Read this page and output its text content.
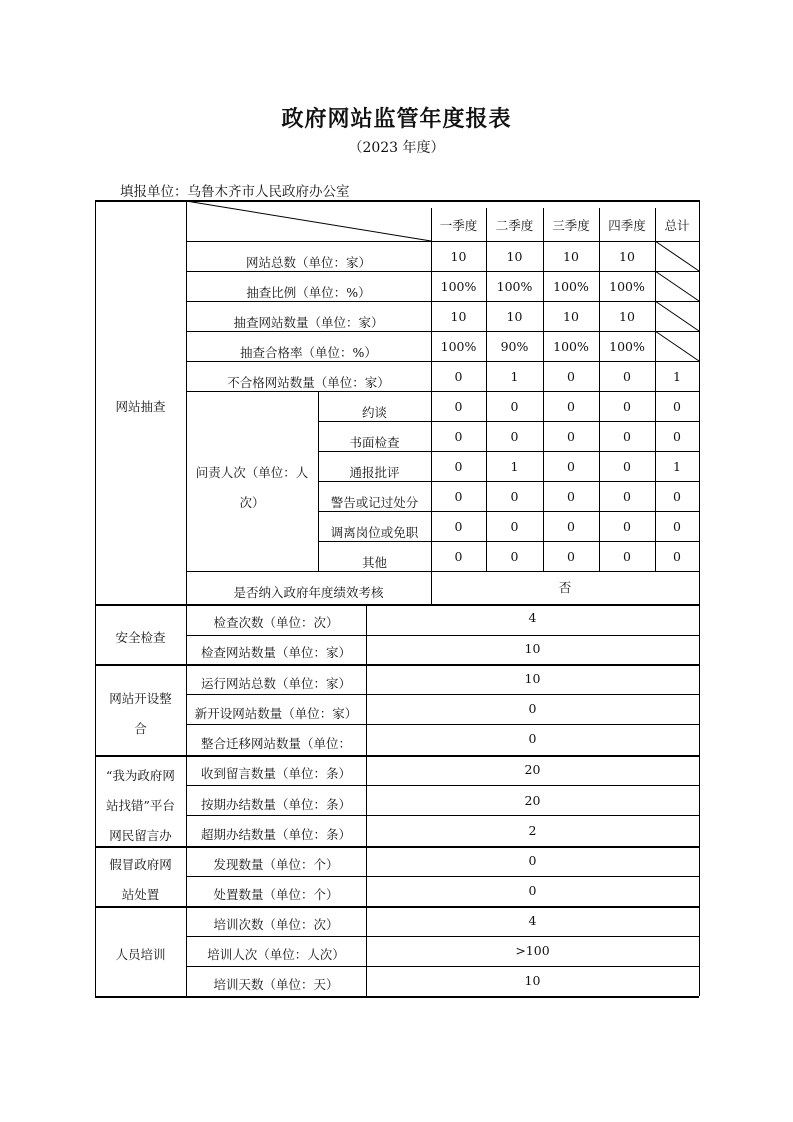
政府网站监管年度报表
（2023 年度）
填报单位：乌鲁木齐市人民政府办公室
一季度	二季度	三季度	四季度	总计
网站抽查
网站总数（单位：家）	10	10	10	10
抽查比例（单位：%）	100%	100%	100%	100%
抽查网站数量（单位：家）	10	10	10	10
抽查合格率（单位：%）	100%	90%	100%	100%
不合格网站数量（单位：家）	0	1	0	0	1
问责人次（单位：人
次）
约谈	0	0	0	0	0
书面检查	0	0	0	0	0
通报批评	0	1	0	0	1
警告或记过处分	0	0	0	0	0
调离岗位或免职	0	0	0	0	0
其他	0	0	0	0	0
是否纳入政府年度绩效考核	否
安全检查
检查次数（单位：次）	4
检查网站数量（单位：家）	10
网站开设整
合
运行网站总数（单位：家）	10
新开设网站数量（单位：家）	0
整合迁移网站数量（单位：	0
“我为政府网
站找错”平台
网民留言办
收到留言数量（单位：条）	20
按期办结数量（单位：条）	20
超期办结数量（单位：条）	2
假冒政府网
站处置
发现数量（单位：个）	0
处置数量（单位：个）	0
人员培训
培训次数（单位：次）	4
培训人次（单位：人次）	>100
培训天数（单位：天）	10
